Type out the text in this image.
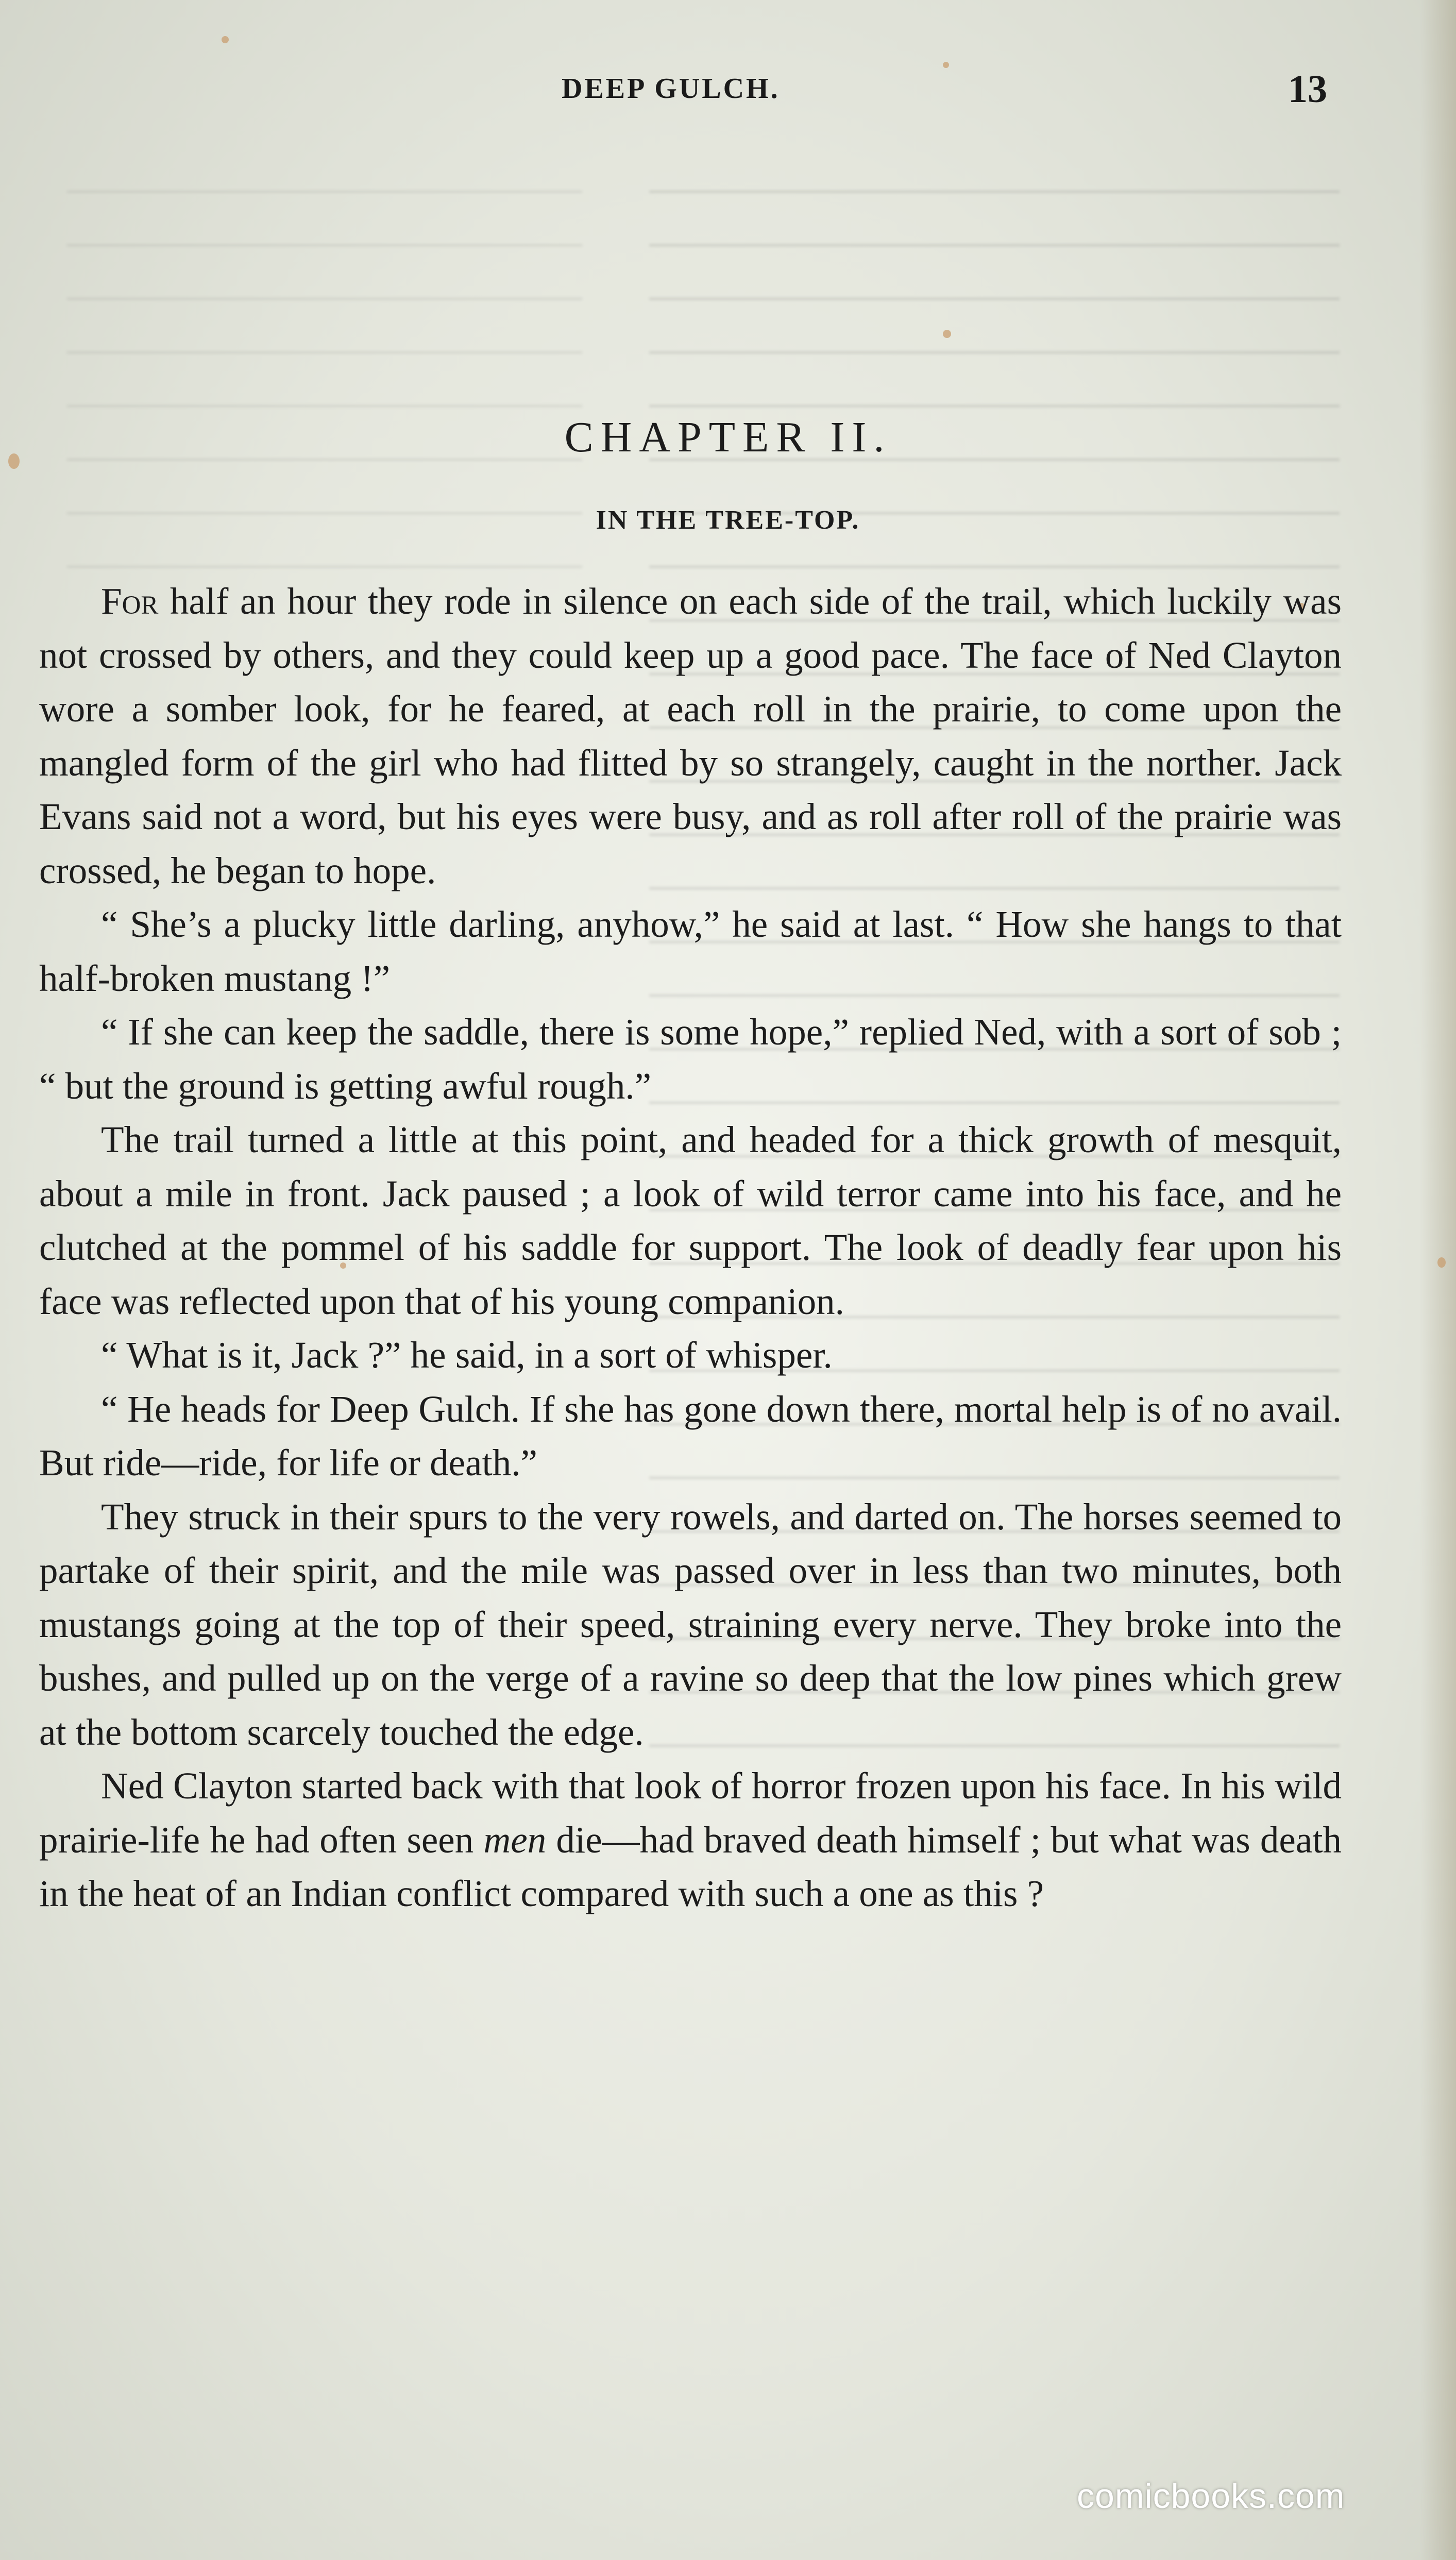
DEEP GULCH.	13
CHAPTER II.
IN THE TREE-TOP.

For half an hour they rode in silence on each side of the trail, which luckily was not crossed by others, and they could keep up a good pace. The face of Ned Clayton wore a somber look, for he feared, at each roll in the prairie, to come upon the mangled form of the girl who had flitted by so strangely, caught in the norther. Jack Evans said not a word, but his eyes were busy, and as roll after roll of the prairie was crossed, he began to hope.

“ She’s a plucky little darling, anyhow,” he said at last. “ How she hangs to that half-broken mustang !”

“ If she can keep the saddle, there is some hope,” replied Ned, with a sort of sob ; “ but the ground is getting awful rough.”

The trail turned a little at this point, and headed for a thick growth of mesquit, about a mile in front. Jack paused ; a look of wild terror came into his face, and he clutched at the pommel of his saddle for support. The look of deadly fear upon his face was reflected upon that of his young companion.

“ What is it, Jack ?” he said, in a sort of whisper.

“ He heads for Deep Gulch. If she has gone down there, mortal help is of no avail. But ride—ride, for life or death.”

They struck in their spurs to the very rowels, and darted on. The horses seemed to partake of their spirit, and the mile was passed over in less than two minutes, both mustangs going at the top of their speed, straining every nerve. They broke into the bushes, and pulled up on the verge of a ravine so deep that the low pines which grew at the bottom scarcely touched the edge.

Ned Clayton started back with that look of horror frozen upon his face. In his wild prairie-life he had often seen men die—had braved death himself ; but what was death in the heat of an Indian conflict compared with such a one as this ?

comicbooks.com
